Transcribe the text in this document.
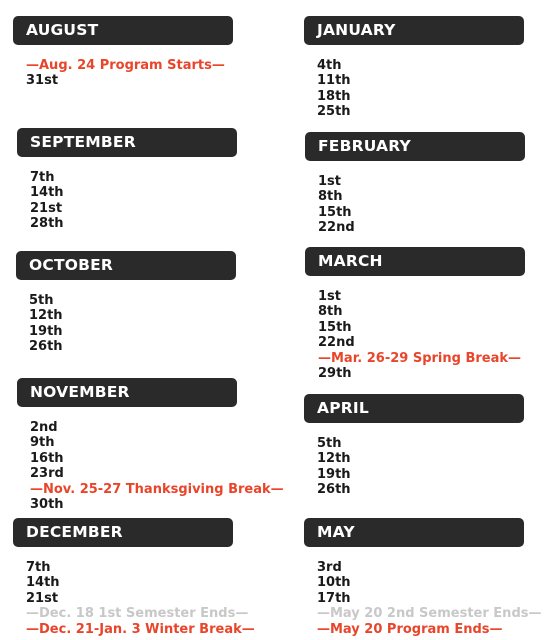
AUGUST
—Aug. 24 Program Starts—
31st
SEPTEMBER
7th
14th
21st
28th
OCTOBER
5th
12th
19th
26th
NOVEMBER
2nd
9th
16th
23rd
—Nov. 25-27 Thanksgiving Break—
30th
DECEMBER
7th
14th
21st
—Dec. 18 1st Semester Ends—
—Dec. 21-Jan. 3 Winter Break—
JANUARY
4th
11th
18th
25th
FEBRUARY
1st
8th
15th
22nd
MARCH
1st
8th
15th
22nd
—Mar. 26-29 Spring Break—
29th
APRIL
5th
12th
19th
26th
MAY
3rd
10th
17th
—May 20 2nd Semester Ends—
—May 20 Program Ends—
